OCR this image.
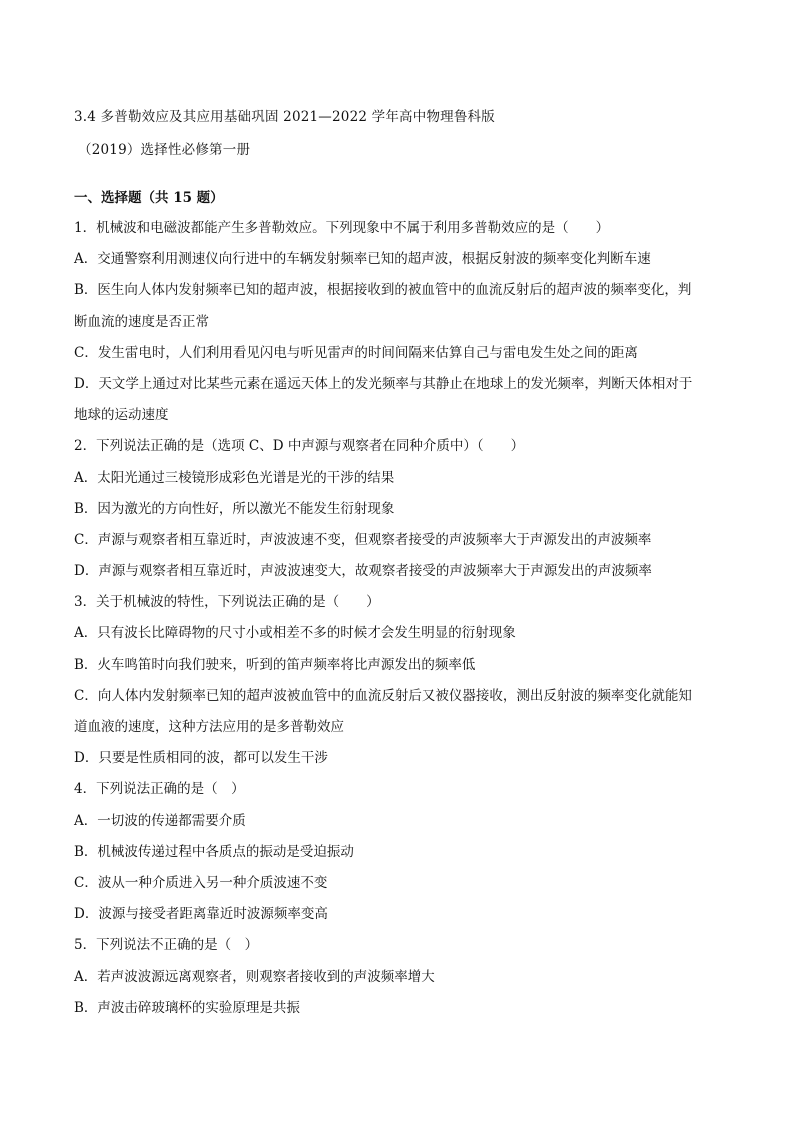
3.4 多普勒效应及其应用基础巩固 2021—2022 学年高中物理鲁科版
（2019）选择性必修第一册
一、选择题（共 15 题）
1．机械波和电磁波都能产生多普勒效应。下列现象中不属于利用多普勒效应的是（　　）
A．交通警察利用测速仪向行进中的车辆发射频率已知的超声波，根据反射波的频率变化判断车速
B．医生向人体内发射频率已知的超声波，根据接收到的被血管中的血流反射后的超声波的频率变化，判
断血流的速度是否正常
C．发生雷电时，人们利用看见闪电与听见雷声的时间间隔来估算自己与雷电发生处之间的距离
D．天文学上通过对比某些元素在遥远天体上的发光频率与其静止在地球上的发光频率，判断天体相对于
地球的运动速度
2．下列说法正确的是（选项 C、D 中声源与观察者在同种介质中）（　　）
A．太阳光通过三棱镜形成彩色光谱是光的干涉的结果
B．因为激光的方向性好，所以激光不能发生衍射现象
C．声源与观察者相互靠近时，声波波速不变，但观察者接受的声波频率大于声源发出的声波频率
D．声源与观察者相互靠近时，声波波速变大，故观察者接受的声波频率大于声源发出的声波频率
3．关于机械波的特性，下列说法正确的是（　　）
A．只有波长比障碍物的尺寸小或相差不多的时候才会发生明显的衍射现象
B．火车鸣笛时向我们驶来，听到的笛声频率将比声源发出的频率低
C．向人体内发射频率已知的超声波被血管中的血流反射后又被仪器接收，测出反射波的频率变化就能知
道血液的速度，这种方法应用的是多普勒效应
D．只要是性质相同的波，都可以发生干涉
4．下列说法正确的是（　）
A．一切波的传递都需要介质
B．机械波传递过程中各质点的振动是受迫振动
C．波从一种介质进入另一种介质波速不变
D．波源与接受者距离靠近时波源频率变高
5．下列说法不正确的是（　）
A．若声波波源远离观察者，则观察者接收到的声波频率增大
B．声波击碎玻璃杯的实验原理是共振
